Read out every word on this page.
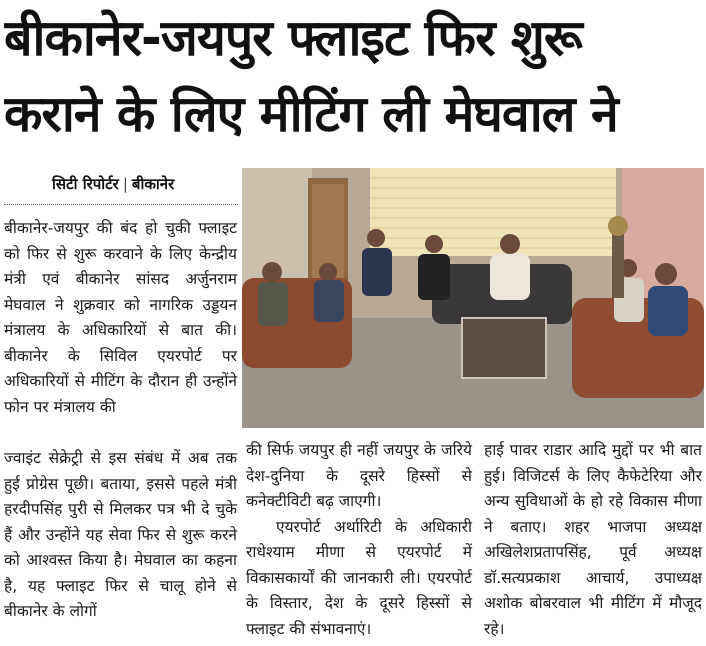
बीकानेर-जयपुर फ्लाइट फिर शुरू
कराने के लिए मीटिंग ली मेघवाल ने
सिटी रिपोर्टर | बीकानेर

बीकानेर-जयपुर की बंद हो चुकी फ्लाइट को फिर से शुरू करवाने के लिए केन्द्रीय मंत्री एवं बीकानेर सांसद अर्जुनराम मेघवाल ने शुक्रवार को नागरिक उड्डयन मंत्रालय के अधिकारियों से बात की। बीकानेर के सिविल एयरपोर्ट पर अधिकारियों से मीटिंग के दौरान ही उन्होंने फोन पर मंत्रालय की

ज्वाइंट सेक्रेट्री से इस संबंध में अब तक हुई प्रोग्रेस पूछी। बताया, इससे पहले मंत्री हरदीपसिंह पुरी से मिलकर पत्र भी दे चुके हैं और उन्होंने यह सेवा फिर से शुरू करने को आश्वस्त किया है। मेघवाल का कहना है, यह फ्लाइट फिर से चालू होने से बीकानेर के लोगों

की सिर्फ जयपुर ही नहीं जयपुर के जरिये देश-दुनिया के दूसरे हिस्सों से कनेक्टीविटी बढ़ जाएगी।

एयरपोर्ट अर्थारिटी के अधिकारी राधेश्याम मीणा से एयरपोर्ट में विकासकार्यों की जानकारी ली। एयरपोर्ट के विस्तार, देश के दूसरे हिस्सों से फ्लाइट की संभावनाएं।

हाई पावर राडार आदि मुद्दों पर भी बात हुई। विजिटर्स के लिए कैफेटेरिया और अन्य सुविधाओं के हो रहे विकास मीणा ने बताए। शहर भाजपा अध्यक्ष अखिलेशप्रतापसिंह, पूर्व अध्यक्ष डॉ.सत्यप्रकाश आचार्य, उपाध्यक्ष अशोक बोबरवाल भी मीटिंग में मौजूद रहे।
